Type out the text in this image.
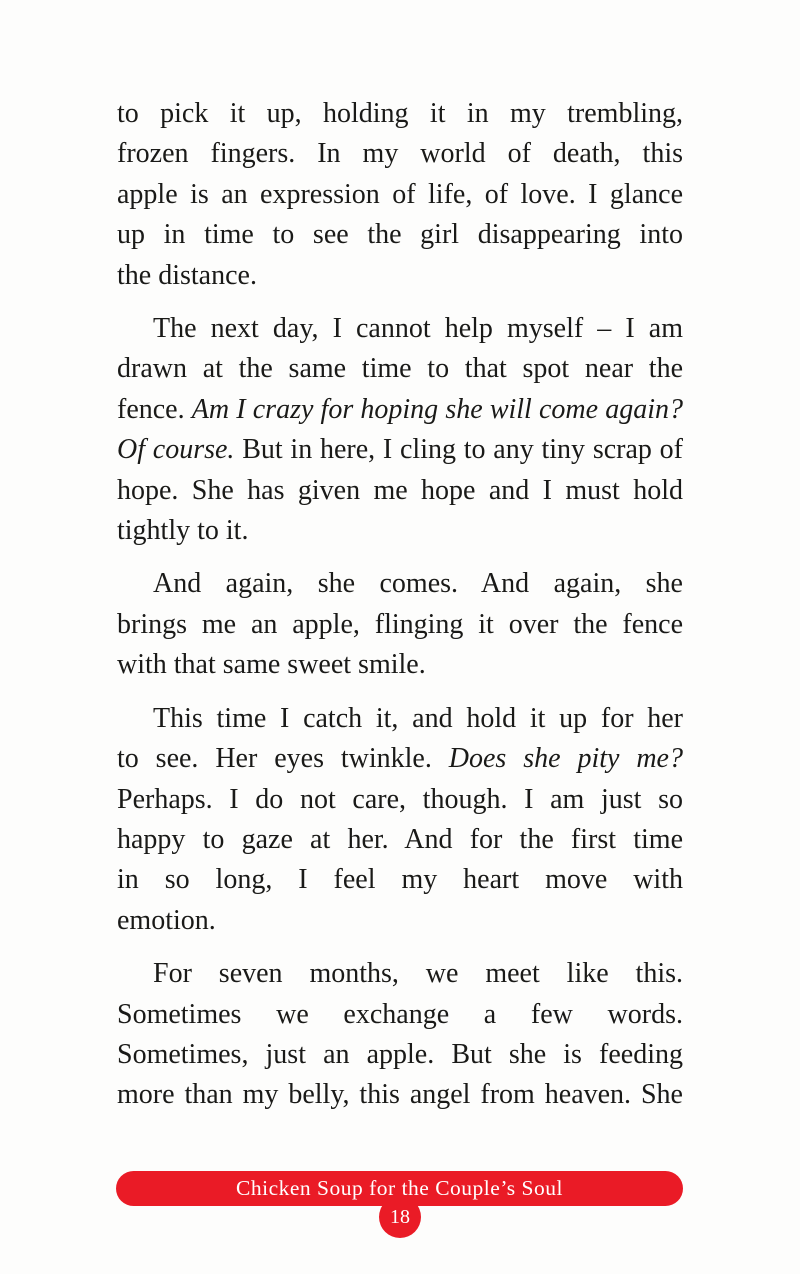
to pick it up, holding it in my trembling,
frozen fingers. In my world of death, this
apple is an expression of life, of love. I glance
up in time to see the girl disappearing into
the distance.
The next day, I cannot help myself – I am
drawn at the same time to that spot near the
fence. Am I crazy for hoping she will come again?
Of course. But in here, I cling to any tiny scrap of
hope. She has given me hope and I must hold
tightly to it.
And again, she comes. And again, she
brings me an apple, flinging it over the fence
with that same sweet smile.
This time I catch it, and hold it up for her
to see. Her eyes twinkle. Does she pity me?
Perhaps. I do not care, though. I am just so
happy to gaze at her. And for the first time
in so long, I feel my heart move with
emotion.
For seven months, we meet like this.
Sometimes we exchange a few words.
Sometimes, just an apple. But she is feeding
more than my belly, this angel from heaven. She
Chicken Soup for the Couple’s Soul
18
